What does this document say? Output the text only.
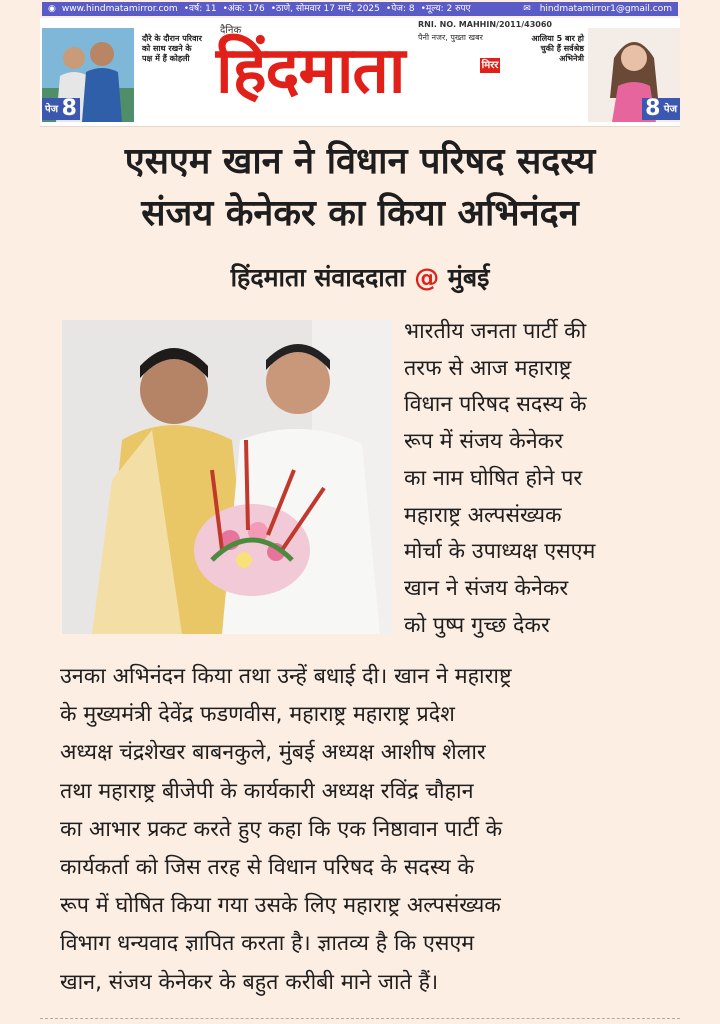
◉ www.hindmatamirror.com •वर्ष: 11 •अंक: 176 •ठाणे, सोमवार 17 मार्च, 2025 •पेज: 8 •मूल्य: 2 रुपए	✉ hindmatamirror1@gmail.com
पेज 8
दौरे के दौरान परिवार को साथ रखने के पक्ष में हैं कोहली
दैनिक
हिंदमाता	मिरर
RNI. NO. MAHHIN/2011/43060
पैनी नजर, पुख्ता खबर	आलिया 5 बार हो चुकी हैं सर्वश्रेष्ठ अभिनेत्री
8 पेज
एसएम खान ने विधान परिषद सदस्य
संजय केनेकर का किया अभिनंदन
हिंदमाता संवाददाता @ मुंबई
भारतीय जनता पार्टी की
तरफ से आज महाराष्ट्र
विधान परिषद सदस्य के
रूप में संजय केनेकर
का नाम घोषित होने पर
महाराष्ट्र अल्पसंख्यक
मोर्चा के उपाध्यक्ष एसएम
खान ने संजय केनेकर
को पुष्प गुच्छ देकर
उनका अभिनंदन किया तथा उन्हें बधाई दी। खान ने महाराष्ट्र
के मुख्यमंत्री देवेंद्र फडणवीस, महाराष्ट्र महाराष्ट्र प्रदेश
अध्यक्ष चंद्रशेखर बाबनकुले, मुंबई अध्यक्ष आशीष शेलार
तथा महाराष्ट्र बीजेपी के कार्यकारी अध्यक्ष रविंद्र चौहान
का आभार प्रकट करते हुए कहा कि एक निष्ठावान पार्टी के
कार्यकर्ता को जिस तरह से विधान परिषद के सदस्य के
रूप में घोषित किया गया उसके लिए महाराष्ट्र अल्पसंख्यक
विभाग धन्यवाद ज्ञापित करता है। ज्ञातव्य है कि एसएम
खान, संजय केनेकर के बहुत करीबी माने जाते हैं।
